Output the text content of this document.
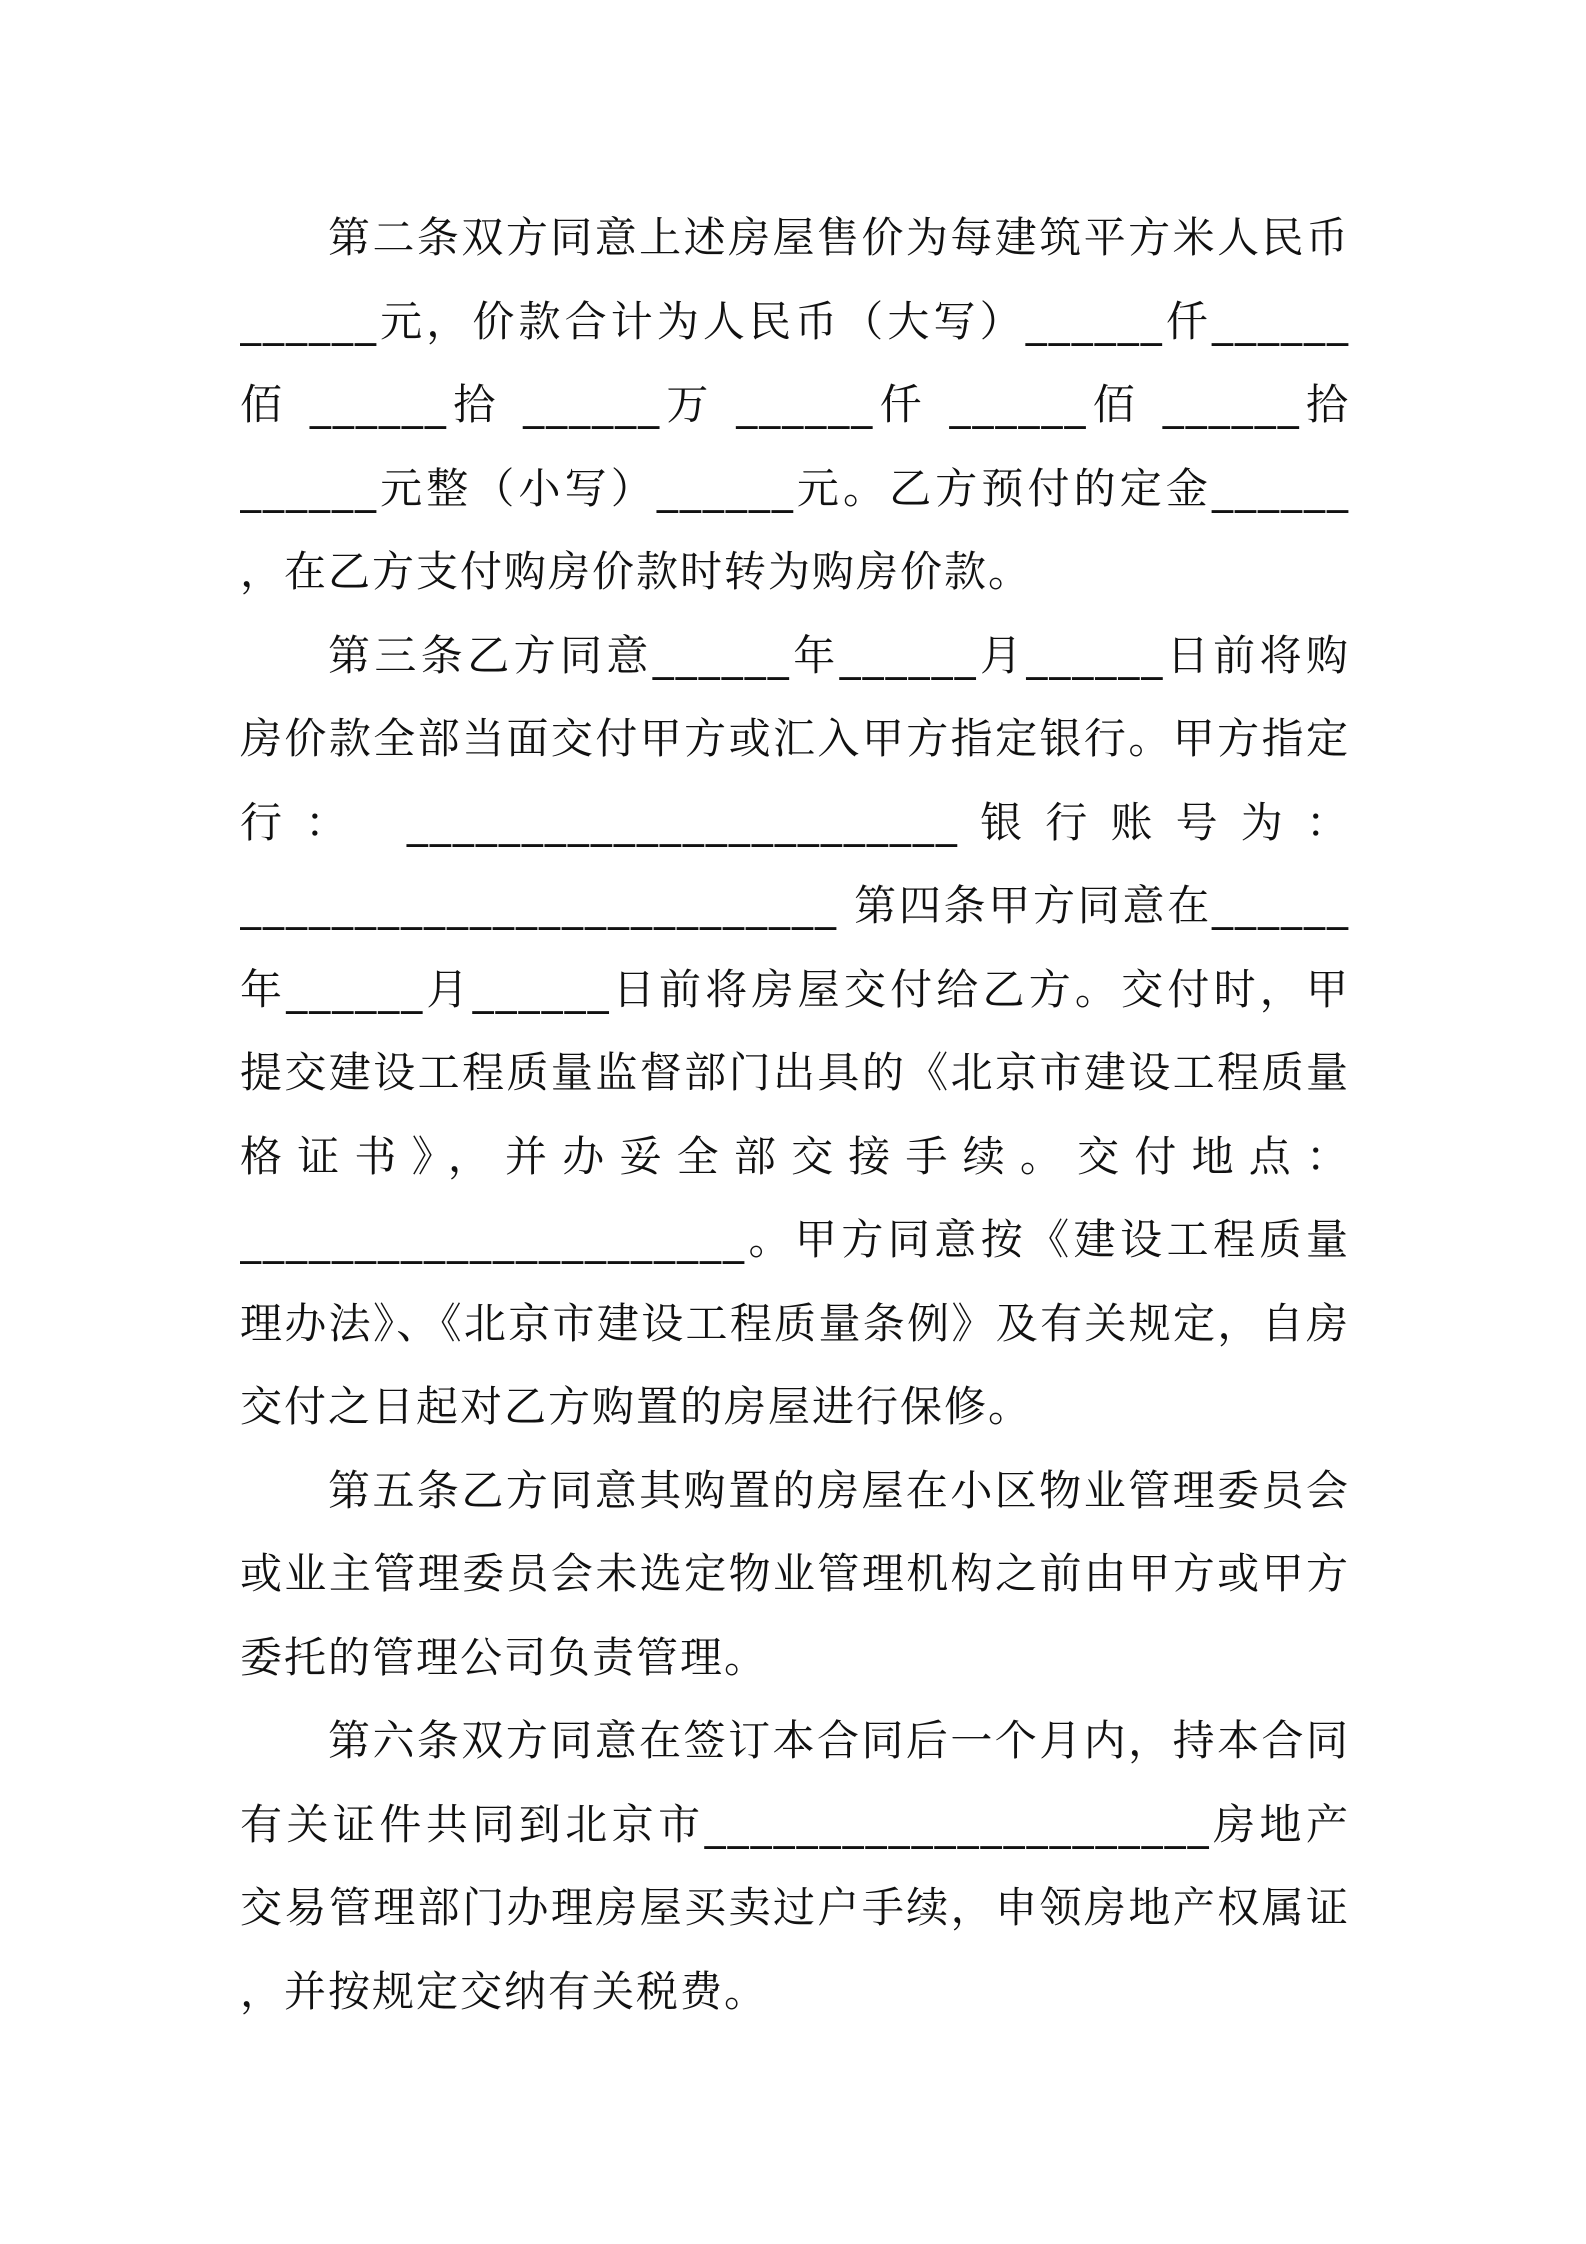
第二条双方同意上述房屋售价为每建筑平方米人民币
______元，价款合计为人民币（大写）______仟______
佰 ______拾 ______万 ______仟 ______佰 ______拾
______元整（小写）______元。乙方预付的定金______
，在乙方支付购房价款时转为购房价款。
第三条乙方同意______年______月______日前将购
房价款全部当面交付甲方或汇入甲方指定银行。甲方指定
行： ________________________银行账号为：
__________________________ 第四条甲方同意在______
年______月______日前将房屋交付给乙方。交付时，甲
提交建设工程质量监督部门出具的《北京市建设工程质量
格证书》，并办妥全部交接手续。交付地点：
______________________。甲方同意按《建设工程质量
理办法》、《北京市建设工程质量条例》及有关规定，自房
交付之日起对乙方购置的房屋进行保修。
第五条乙方同意其购置的房屋在小区物业管理委员会
或业主管理委员会未选定物业管理机构之前由甲方或甲方
委托的管理公司负责管理。
第六条双方同意在签订本合同后一个月内，持本合同
有关证件共同到北京市______________________房地产
交易管理部门办理房屋买卖过户手续，申领房地产权属证
，并按规定交纳有关税费。
